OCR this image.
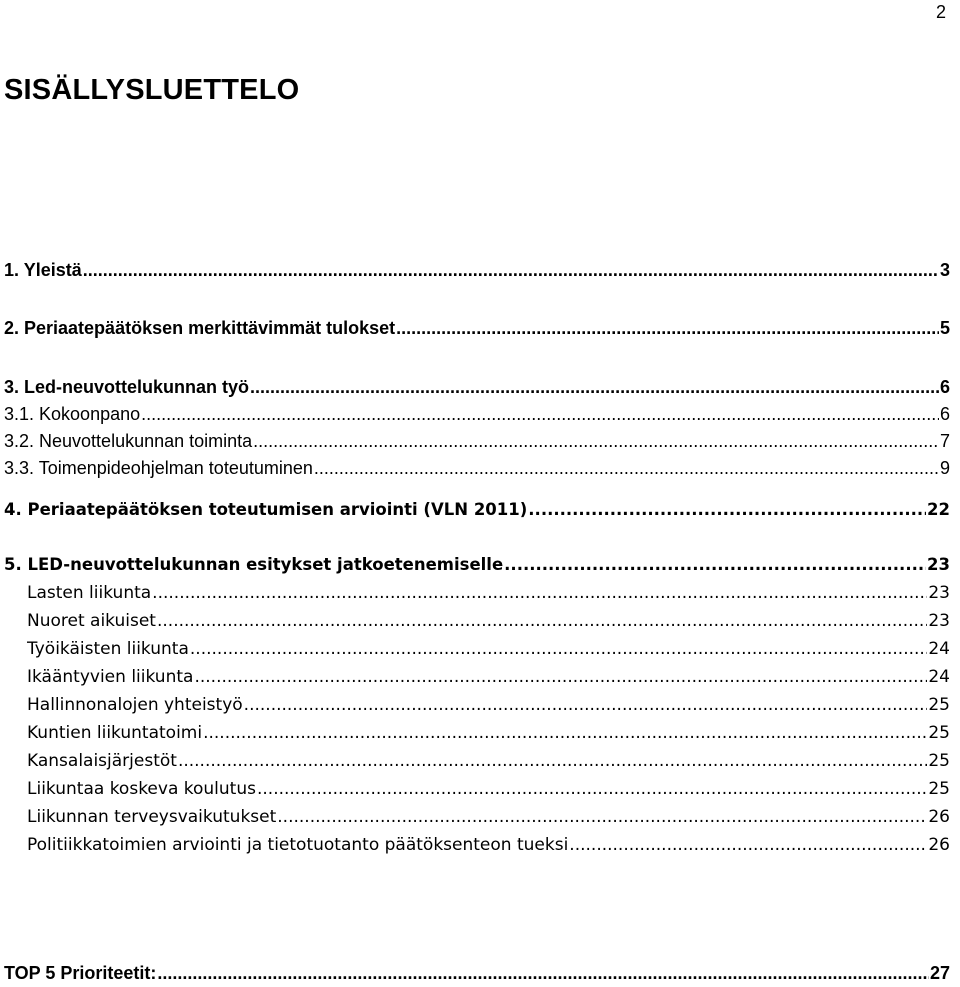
2
SISÄLLYSLUETTELO
1. Yleistä .....	3
2. Periaatepäätöksen merkittävimmät tulokset .....	5
3. Led-neuvottelukunnan työ .....	6
3.1. Kokoonpano .....	6
3.2. Neuvottelukunnan toiminta .....	7
3.3. Toimenpideohjelman toteutuminen .....	9
4. Periaatepäätöksen toteutumisen arviointi (VLN 2011) .....	22
5. LED-neuvottelukunnan esitykset jatkoetenemiselle .....	23
Lasten liikunta .....	23
Nuoret aikuiset .....	23
Työikäisten liikunta .....	24
Ikääntyvien liikunta .....	24
Hallinnonalojen yhteistyö .....	25
Kuntien liikuntatoimi .....	25
Kansalaisjärjestöt .....	25
Liikuntaa koskeva koulutus .....	25
Liikunnan terveysvaikutukset .....	26
Politiikkatoimien arviointi ja tietotuotanto päätöksenteon tueksi .....	26
TOP 5 Prioriteetit: .....	27
